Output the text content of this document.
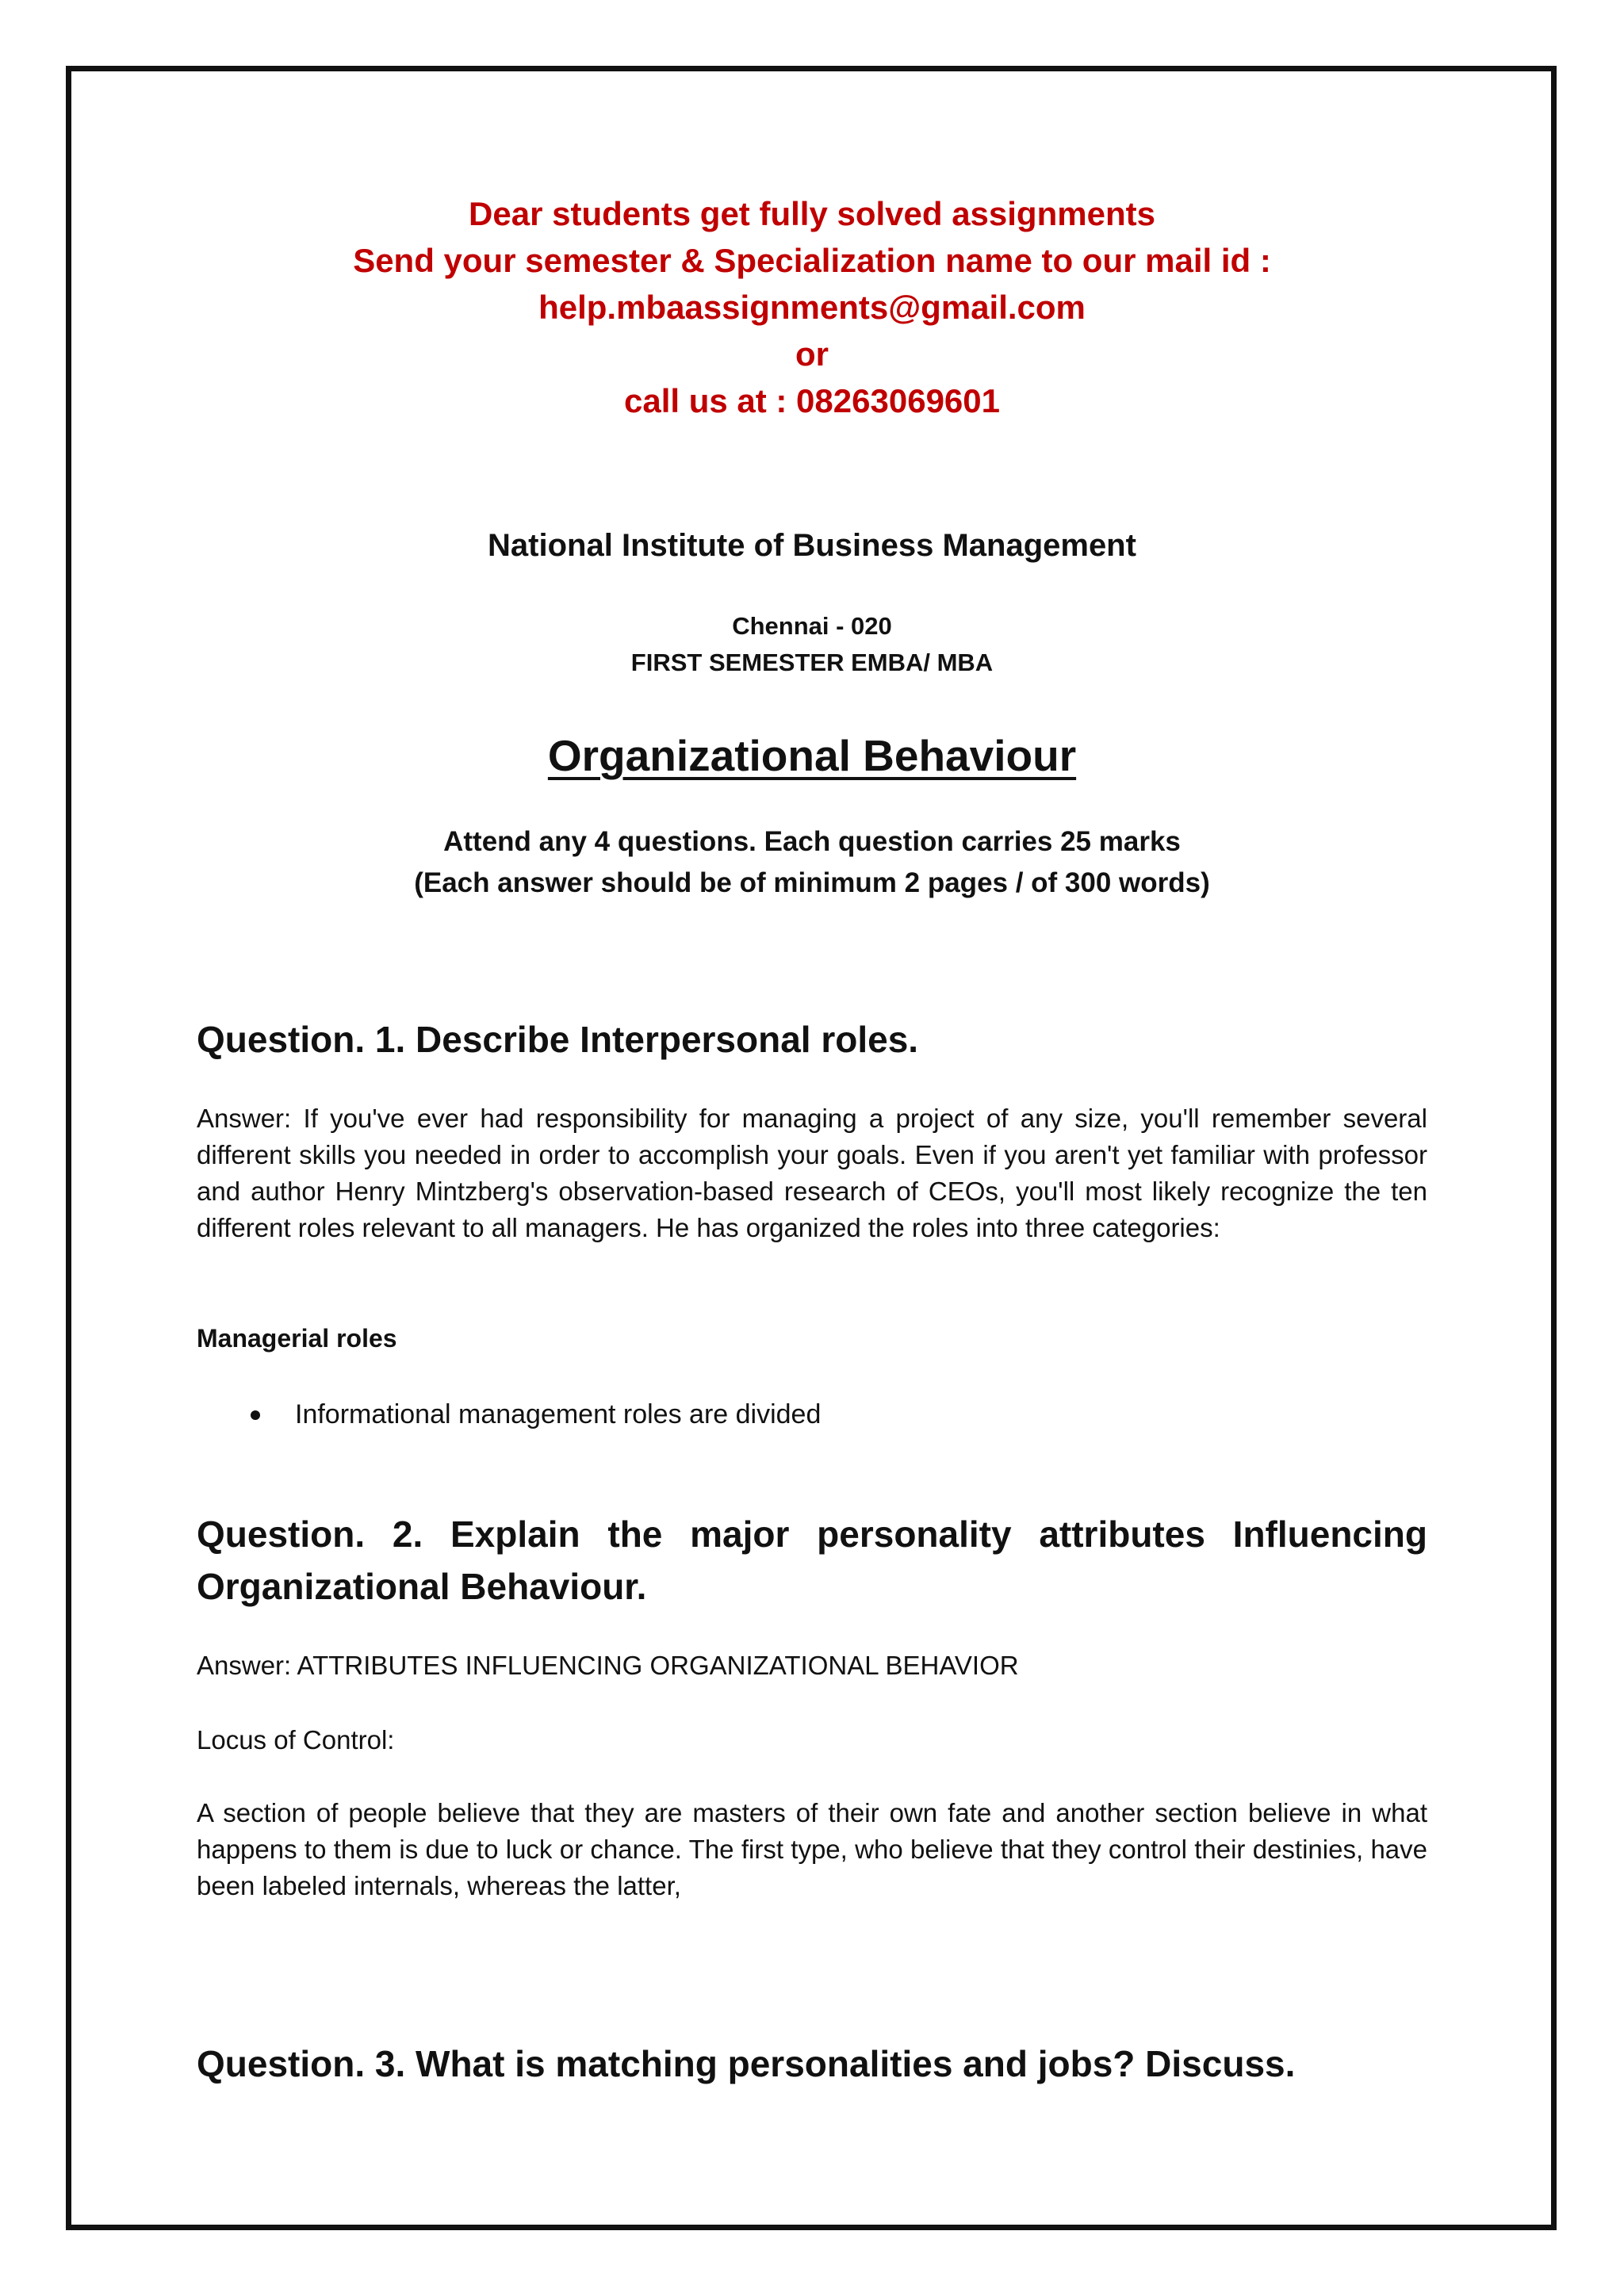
Dear students get fully solved assignments
Send your semester & Specialization name to our mail id :
help.mbaassignments@gmail.com
or
call us at : 08263069601
National Institute of Business Management
Chennai - 020
FIRST SEMESTER EMBA/ MBA
Organizational Behaviour
Attend any 4 questions. Each question carries 25 marks
(Each answer should be of minimum 2 pages / of 300 words)
Question. 1. Describe Interpersonal roles.
Answer: If you've ever had responsibility for managing a project of any size, you'll remember several different skills you needed in order to accomplish your goals. Even if you aren't yet familiar with professor and author Henry Mintzberg's observation-based research of CEOs, you'll most likely recognize the ten different roles relevant to all managers. He has organized the roles into three categories:
Managerial roles
Informational management roles are divided
Question. 2. Explain the major personality attributes Influencing Organizational Behaviour.
Answer: ATTRIBUTES INFLUENCING ORGANIZATIONAL BEHAVIOR
Locus of Control:
A section of people believe that they are masters of their own fate and another section believe in what happens to them is due to luck or chance. The first type, who believe that they control their destinies, have been labeled internals, whereas the latter,
Question. 3. What is matching personalities and jobs? Discuss.
